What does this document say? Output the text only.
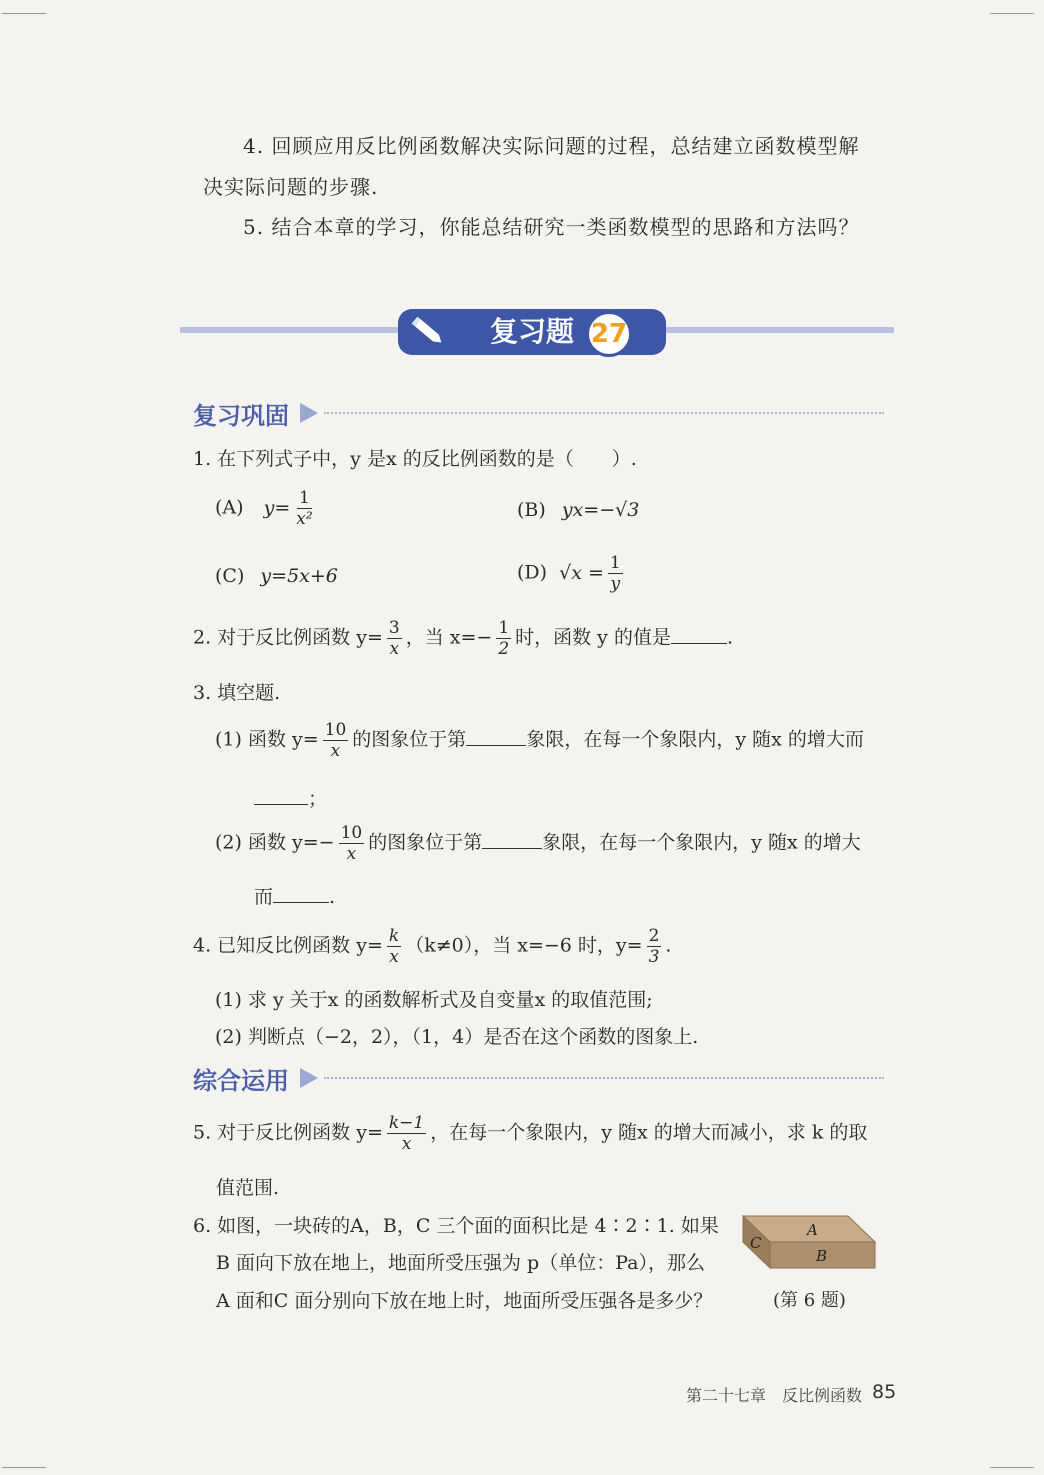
4. 回顾应用反比例函数解决实际问题的过程，总结建立函数模型解
决实际问题的步骤.
5. 结合本章的学习，你能总结研究一类函数模型的思路和方法吗？
复习题 27
复习巩固
1. 在下列式子中，y 是x 的反比例函数的是（　　）.
(A) $y= \frac{1}{\text{x²}}$	(B) yx=−√3
(C) y=5x+6	(D) $√x = \frac{1}{y}$
2. 对于反比例函数 $y= \frac{3}{x}$ ，当 $x=- \frac{1}{2}$ 时，函数 y 的值是	.
3. 填空题.
(1) 函数 $y= \frac{10}{x}$ 的图象位于第	象限，在每一个象限内，y 随x 的增大而
；
(2) 函数 $y=- \frac{10}{x}$ 的图象位于第	象限，在每一个象限内，y 随x 的增大
而	.
4. 已知反比例函数 $y= \frac{k}{x} (k\ne 0)$，当 x=−6 时，$y= \frac{2}{3}$ .
(1) 求 y 关于x 的函数解析式及自变量x 的取值范围;
(2) 判断点（−2，2），（1，4）是否在这个函数的图象上.
综合运用
5. 对于反比例函数 $y= \frac{k-1}{x}$ ，在每一个象限内，y 随x 的增大而减小，求 k 的取
值范围.
6. 如图，一块砖的A，B，C 三个面的面积比是 4∶2∶1. 如果
B 面向下放在地上，地面所受压强为 p（单位：Pa），那么
A 面和C 面分别向下放在地上时，地面所受压强各是多少？
A
B
C
(第 6 题)
第二十七章　反比例函数 85
